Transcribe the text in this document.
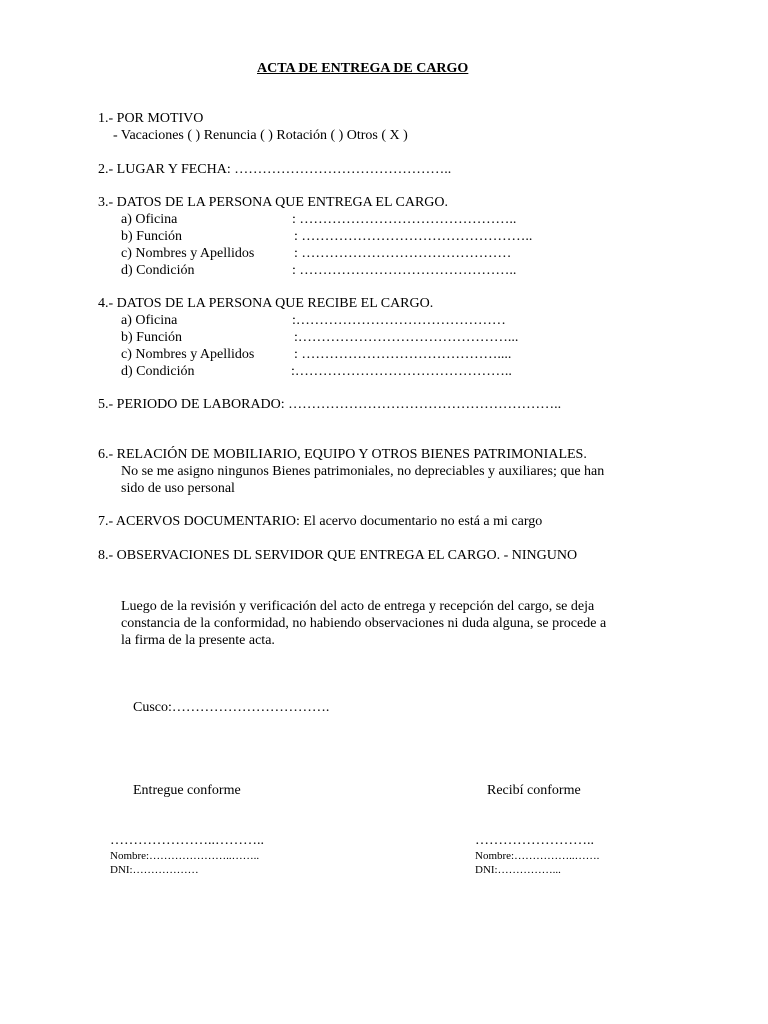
ACTA DE ENTREGA DE CARGO
1.- POR MOTIVO
- Vacaciones ( ) Renuncia ( ) Rotación ( ) Otros ( X )
2.- LUGAR Y FECHA: ………………………………………..
3.- DATOS DE LA PERSONA QUE ENTREGA EL CARGO.
a) Oficina	: ………………………………………..
b) Función	: …………………………………………..
c) Nombres y Apellidos	: ………………………………………
d) Condición	: ………………………………………..
4.- DATOS DE LA PERSONA QUE RECIBE EL CARGO.
a) Oficina	:………………………………………
b) Función	:………………………………………...
c) Nombres y Apellidos	: ……………………………………....
d) Condición	:………………………………………..
5.- PERIODO DE LABORADO: …………………………………………………..
6.- RELACIÓN DE MOBILIARIO, EQUIPO Y OTROS BIENES PATRIMONIALES.
No se me asigno ningunos Bienes patrimoniales, no depreciables y auxiliares; que han
sido de uso personal
7.- ACERVOS DOCUMENTARIO: El acervo documentario no está a mi cargo
8.- OBSERVACIONES DL SERVIDOR QUE ENTREGA EL CARGO. - NINGUNO
Luego de la revisión y verificación del acto de entrega y recepción del cargo, se deja
constancia de la conformidad, no habiendo observaciones ni duda alguna, se procede a
la firma de la presente acta.
Cusco:…………………………….
Entregue conforme	Recibí conforme
…………………..………..
Nombre:…………………..……..
DNI:………………
……………………..
Nombre:……………..…….
DNI:……………...
